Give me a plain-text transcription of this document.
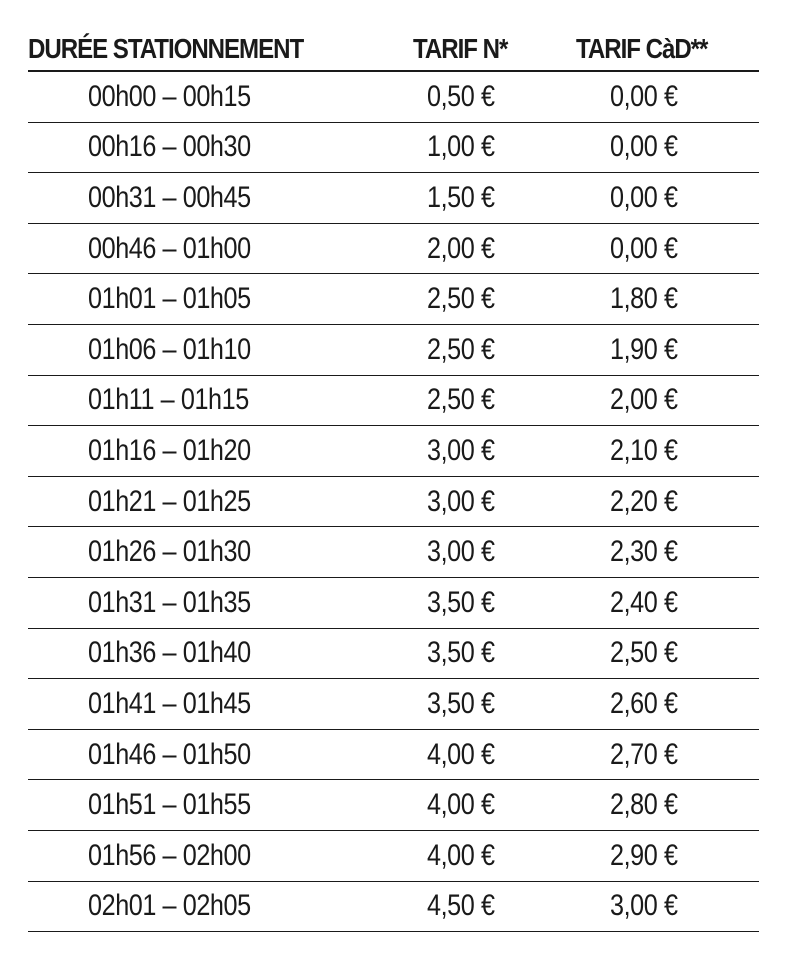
DURÉE STATIONNEMENT	TARIF N*	TARIF CàD**
00h00 – 00h15	0,50 €	0,00 €
00h16 – 00h30	1,00 €	0,00 €
00h31 – 00h45	1,50 €	0,00 €
00h46 – 01h00	2,00 €	0,00 €
01h01 – 01h05	2,50 €	1,80 €
01h06 – 01h10	2,50 €	1,90 €
01h11 – 01h15	2,50 €	2,00 €
01h16 – 01h20	3,00 €	2,10 €
01h21 – 01h25	3,00 €	2,20 €
01h26 – 01h30	3,00 €	2,30 €
01h31 – 01h35	3,50 €	2,40 €
01h36 – 01h40	3,50 €	2,50 €
01h41 – 01h45	3,50 €	2,60 €
01h46 – 01h50	4,00 €	2,70 €
01h51 – 01h55	4,00 €	2,80 €
01h56 – 02h00	4,00 €	2,90 €
02h01 – 02h05	4,50 €	3,00 €
